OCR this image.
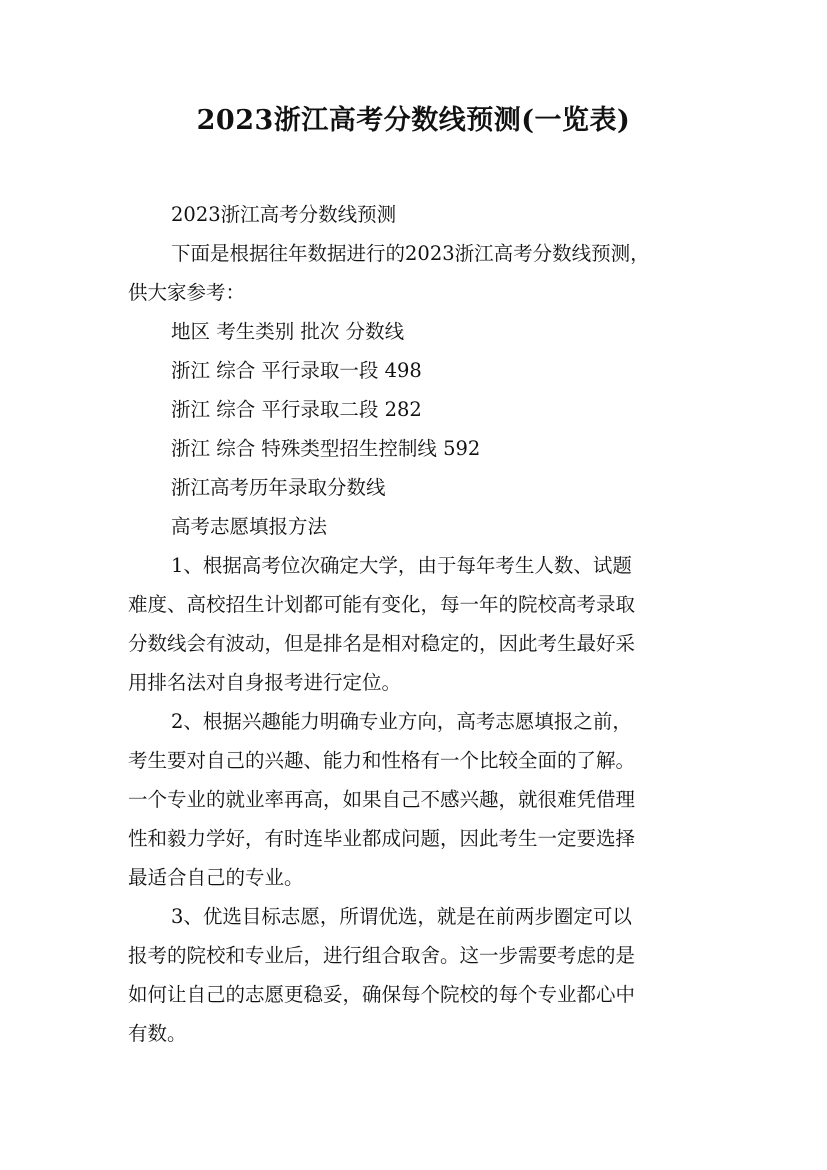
2023浙江高考分数线预测(一览表)
2023浙江高考分数线预测
下面是根据往年数据进行的2023浙江高考分数线预测，
供大家参考：
地区 考生类别 批次 分数线
浙江 综合 平行录取一段 498
浙江 综合 平行录取二段 282
浙江 综合 特殊类型招生控制线 592
浙江高考历年录取分数线
高考志愿填报方法
1、根据高考位次确定大学，由于每年考生人数、试题
难度、高校招生计划都可能有变化，每一年的院校高考录取
分数线会有波动，但是排名是相对稳定的，因此考生最好采
用排名法对自身报考进行定位。
2、根据兴趣能力明确专业方向，高考志愿填报之前，
考生要对自己的兴趣、能力和性格有一个比较全面的了解。
一个专业的就业率再高，如果自己不感兴趣，就很难凭借理
性和毅力学好，有时连毕业都成问题，因此考生一定要选择
最适合自己的专业。
3、优选目标志愿，所谓优选，就是在前两步圈定可以
报考的院校和专业后，进行组合取舍。这一步需要考虑的是
如何让自己的志愿更稳妥，确保每个院校的每个专业都心中
有数。
